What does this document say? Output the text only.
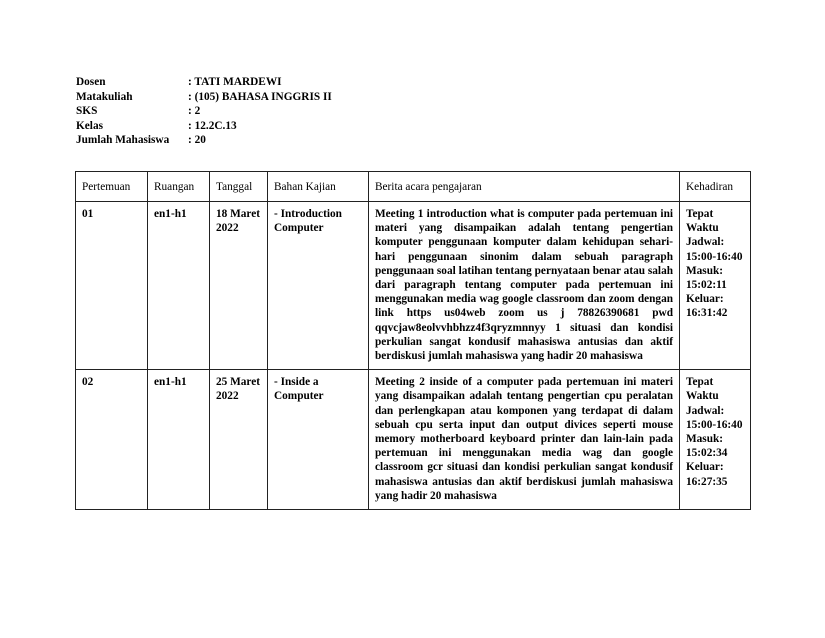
Dosen	: TATI MARDEWI
Matakuliah	: (105) BAHASA INGGRIS II
SKS	: 2
Kelas	: 12.2C.13
Jumlah Mahasiswa	: 20
Pertemuan	Ruangan	Tanggal	Bahan Kajian	Berita acara pengajaran	Kehadiran
01	en1-h1	18 Maret 2022	- Introduction Computer	Meeting 1 introduction what is computer pada pertemuan ini materi yang disampaikan adalah tentang pengertian komputer penggunaan komputer dalam kehidupan sehari-hari penggunaan sinonim dalam sebuah paragraph penggunaan soal latihan tentang pernyataan benar atau salah dari paragraph tentang computer pada pertemuan ini menggunakan media wag google classroom dan zoom dengan link https us04web zoom us j 78826390681 pwd qqvcjaw8eolvvhbhzz4f3qryzmnnyy 1 situasi dan kondisi perkulian sangat kondusif mahasiswa antusias dan aktif berdiskusi jumlah mahasiswa yang hadir 20 mahasiswa	Tepat Waktu Jadwal: 15:00-16:40 Masuk: 15:02:11 Keluar: 16:31:42
02	en1-h1	25 Maret 2022	- Inside a Computer	Meeting 2 inside of a computer pada pertemuan ini materi yang disampaikan adalah tentang pengertian cpu peralatan dan perlengkapan atau komponen yang terdapat di dalam sebuah cpu serta input dan output divices seperti mouse memory motherboard keyboard printer dan lain-lain pada pertemuan ini menggunakan media wag dan google classroom gcr situasi dan kondisi perkulian sangat kondusif mahasiswa antusias dan aktif berdiskusi jumlah mahasiswa yang hadir 20 mahasiswa	Tepat Waktu Jadwal: 15:00-16:40 Masuk: 15:02:34 Keluar: 16:27:35
